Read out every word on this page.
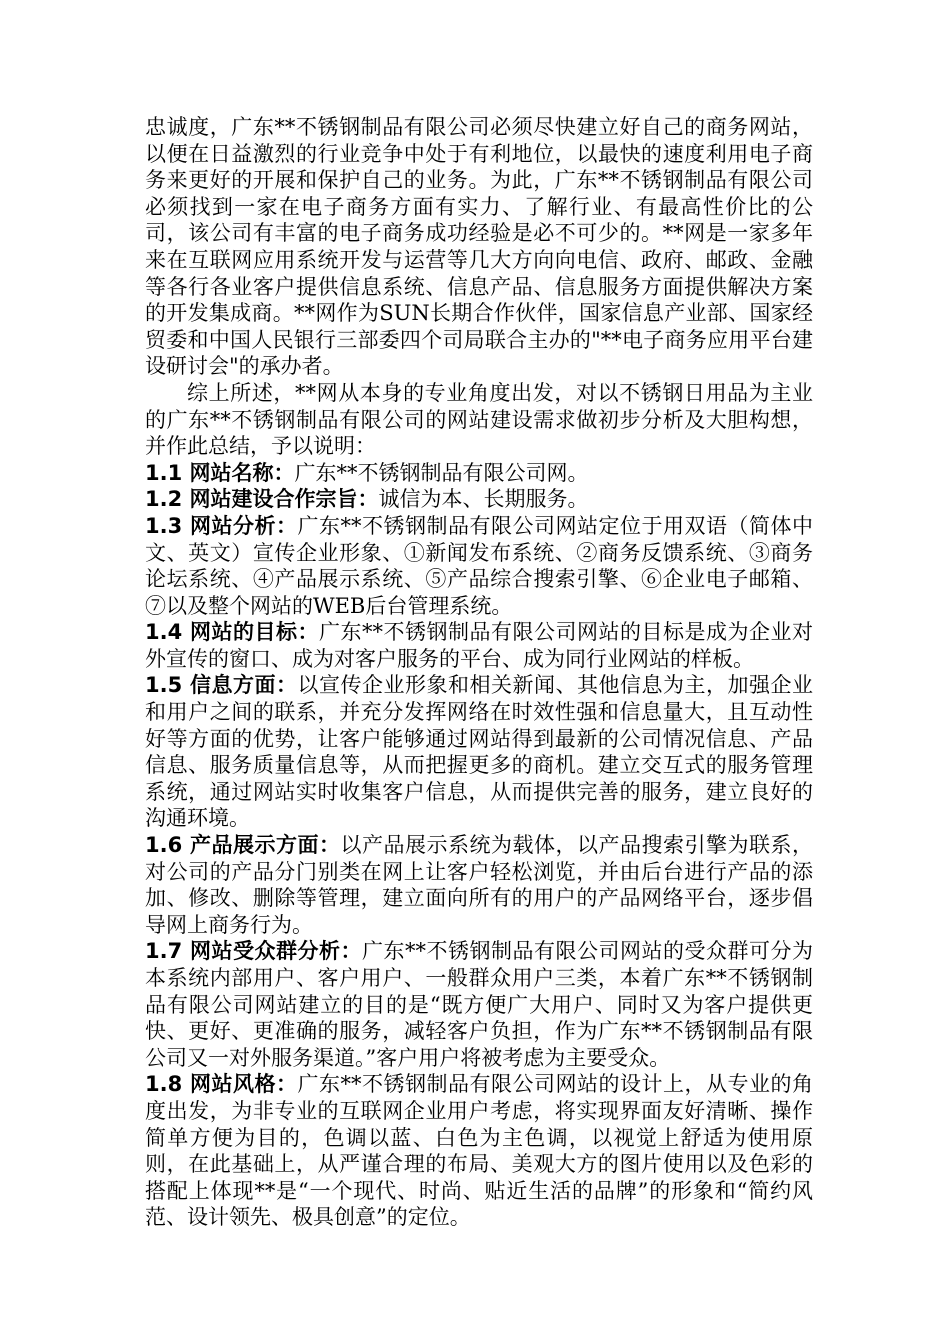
忠诚度，广东**不锈钢制品有限公司必须尽快建立好自己的商务网站，以便在日益激烈的行业竞争中处于有利地位，以最快的速度利用电子商务来更好的开展和保护自己的业务。为此，广东**不锈钢制品有限公司必须找到一家在电子商务方面有实力、了解行业、有最高性价比的公司，该公司有丰富的电子商务成功经验是必不可少的。**网是一家多年来在互联网应用系统开发与运营等几大方向向电信、政府、邮政、金融等各行各业客户提供信息系统、信息产品、信息服务方面提供解决方案的开发集成商。**网作为SUN长期合作伙伴，国家信息产业部、国家经贸委和中国人民银行三部委四个司局联合主办的"**电子商务应用平台建设研讨会"的承办者。

综上所述，**网从本身的专业角度出发，对以不锈钢日用品为主业的广东**不锈钢制品有限公司的网站建设需求做初步分析及大胆构想，并作此总结，予以说明：

1.1 网站名称：广东**不锈钢制品有限公司网。

1.2 网站建设合作宗旨：诚信为本、长期服务。

1.3 网站分析：广东**不锈钢制品有限公司网站定位于用双语（简体中文、英文）宣传企业形象、①新闻发布系统、②商务反馈系统、③商务论坛系统、④产品展示系统、⑤产品综合搜索引擎、⑥企业电子邮箱、⑦以及整个网站的WEB后台管理系统。

1.4 网站的目标：广东**不锈钢制品有限公司网站的目标是成为企业对外宣传的窗口、成为对客户服务的平台、成为同行业网站的样板。

1.5 信息方面：以宣传企业形象和相关新闻、其他信息为主，加强企业和用户之间的联系，并充分发挥网络在时效性强和信息量大，且互动性好等方面的优势，让客户能够通过网站得到最新的公司情况信息、产品信息、服务质量信息等，从而把握更多的商机。建立交互式的服务管理系统，通过网站实时收集客户信息，从而提供完善的服务，建立良好的沟通环境。

1.6 产品展示方面：以产品展示系统为载体，以产品搜索引擎为联系，对公司的产品分门别类在网上让客户轻松浏览，并由后台进行产品的添加、修改、删除等管理，建立面向所有的用户的产品网络平台，逐步倡导网上商务行为。

1.7 网站受众群分析：广东**不锈钢制品有限公司网站的受众群可分为本系统内部用户、客户用户、一般群众用户三类，本着广东**不锈钢制品有限公司网站建立的目的是“既方便广大用户、同时又为客户提供更快、更好、更准确的服务，减轻客户负担，作为广东**不锈钢制品有限公司又一对外服务渠道。”客户用户将被考虑为主要受众。

1.8 网站风格：广东**不锈钢制品有限公司网站的设计上，从专业的角度出发，为非专业的互联网企业用户考虑，将实现界面友好清晰、操作简单方便为目的，色调以蓝、白色为主色调，以视觉上舒适为使用原则，在此基础上，从严谨合理的布局、美观大方的图片使用以及色彩的搭配上体现**是“一个现代、时尚、贴近生活的品牌”的形象和“简约风范、设计领先、极具创意”的定位。
